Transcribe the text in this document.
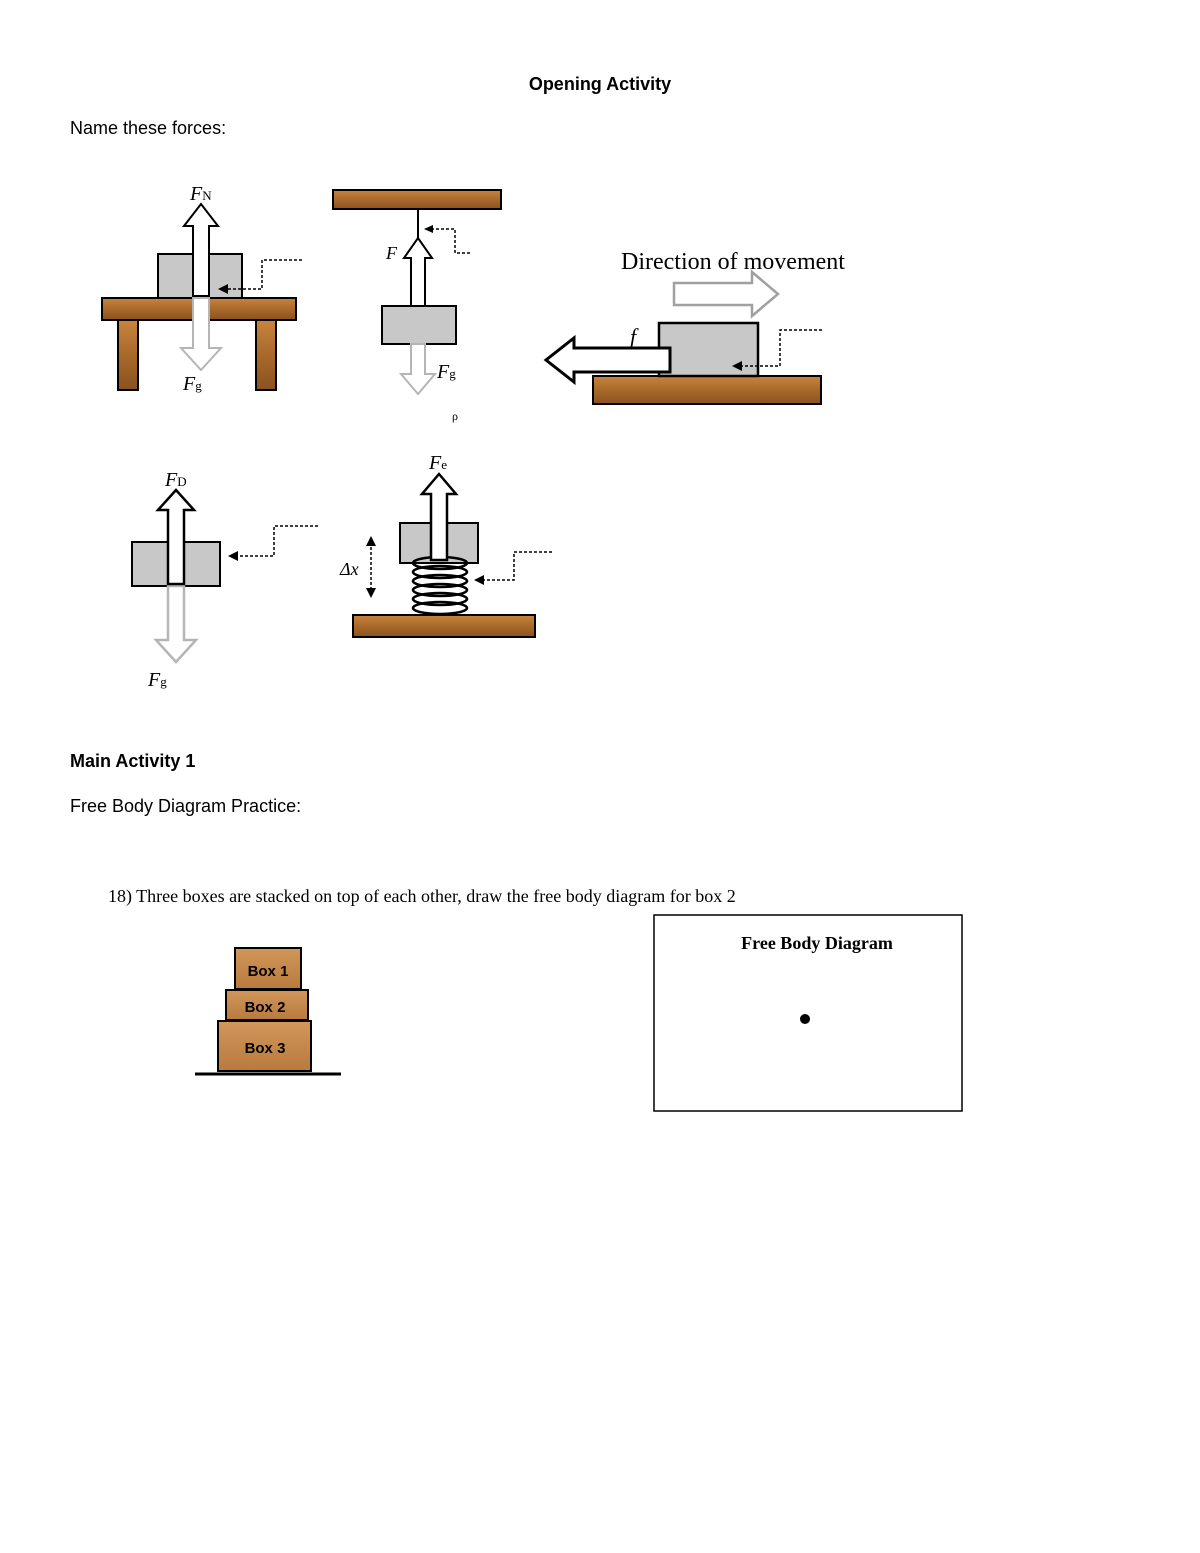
Opening Activity
Name these forces:
FN
Fg
F
Fg
ρ
Direction of movement
f
FD
Fg
Fe
Δx
Main Activity 1
Free Body Diagram Practice:
18) Three boxes are stacked on top of each other, draw the free body diagram for box 2
Box 1
Box 2
Box 3
Free Body Diagram
